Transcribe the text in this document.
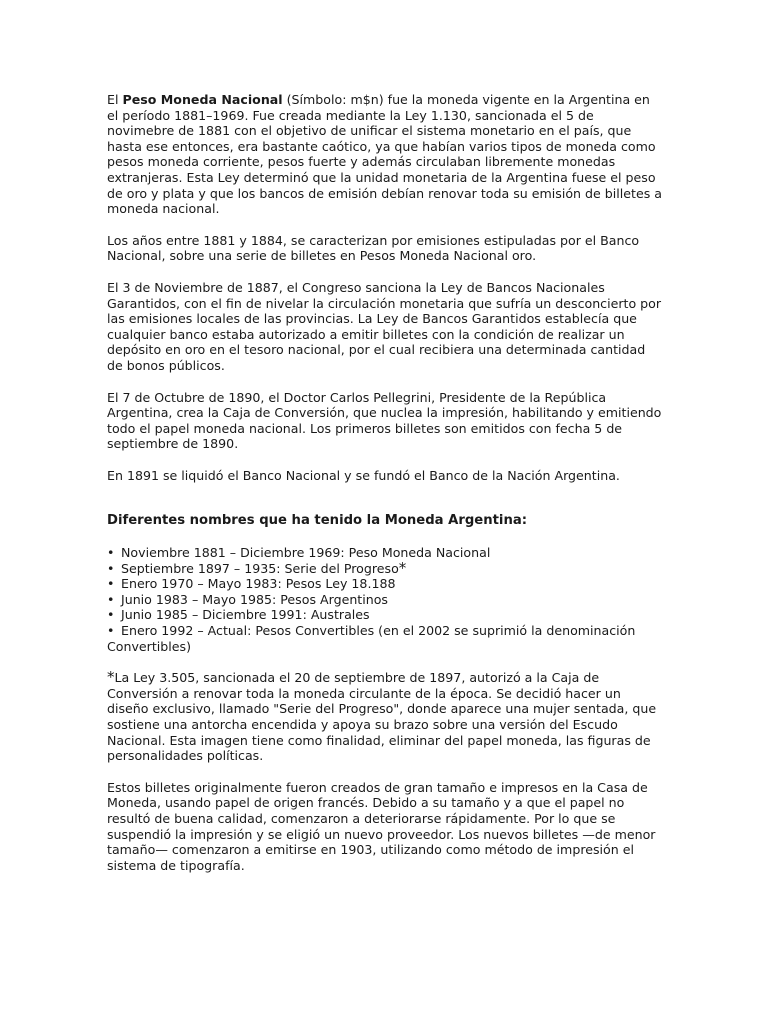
El Peso Moneda Nacional (Símbolo: m$n) fue la moneda vigente en la Argentina en el período 1881–1969. Fue creada mediante la Ley 1.130, sancionada el 5 de novimebre de 1881 con el objetivo de unificar el sistema monetario en el país, que hasta ese entonces, era bastante caótico, ya que habían varios tipos de moneda como pesos moneda corriente, pesos fuerte y además circulaban libremente monedas extranjeras. Esta Ley determinó que la unidad monetaria de la Argentina fuese el peso de oro y plata y que los bancos de emisión debían renovar toda su emisión de billetes a moneda nacional.

Los años entre 1881 y 1884, se caracterizan por emisiones estipuladas por el Banco Nacional, sobre una serie de billetes en Pesos Moneda Nacional oro.

El 3 de Noviembre de 1887, el Congreso sanciona la Ley de Bancos Nacionales Garantidos, con el fin de nivelar la circulación monetaria que sufría un desconcierto por las emisiones locales de las provincias. La Ley de Bancos Garantidos establecía que cualquier banco estaba autorizado a emitir billetes con la condición de realizar un depósito en oro en el tesoro nacional, por el cual recibiera una determinada cantidad de bonos públicos.

El 7 de Octubre de 1890, el Doctor Carlos Pellegrini, Presidente de la República Argentina, crea la Caja de Conversión, que nuclea la impresión, habilitando y emitiendo todo el papel moneda nacional. Los primeros billetes son emitidos con fecha 5 de septiembre de 1890.

En 1891 se liquidó el Banco Nacional y se fundó el Banco de la Nación Argentina.

Diferentes nombres que ha tenido la Moneda Argentina:

• Noviembre 1881 – Diciembre 1969: Peso Moneda Nacional
• Septiembre 1897 – 1935: Serie del Progreso*
• Enero 1970 – Mayo 1983: Pesos Ley 18.188
• Junio 1983 – Mayo 1985: Pesos Argentinos
• Junio 1985 – Diciembre 1991: Australes
• Enero 1992 – Actual: Pesos Convertibles (en el 2002 se suprimió la denominación Convertibles)

*La Ley 3.505, sancionada el 20 de septiembre de 1897, autorizó a la Caja de Conversión a renovar toda la moneda circulante de la época. Se decidió hacer un diseño exclusivo, llamado "Serie del Progreso", donde aparece una mujer sentada, que sostiene una antorcha encendida y apoya su brazo sobre una versión del Escudo Nacional. Esta imagen tiene como finalidad, eliminar del papel moneda, las figuras de personalidades políticas.

Estos billetes originalmente fueron creados de gran tamaño e impresos en la Casa de Moneda, usando papel de origen francés. Debido a su tamaño y a que el papel no resultó de buena calidad, comenzaron a deteriorarse rápidamente. Por lo que se suspendió la impresión y se eligió un nuevo proveedor. Los nuevos billetes —de menor tamaño— comenzaron a emitirse en 1903, utilizando como método de impresión el sistema de tipografía.
